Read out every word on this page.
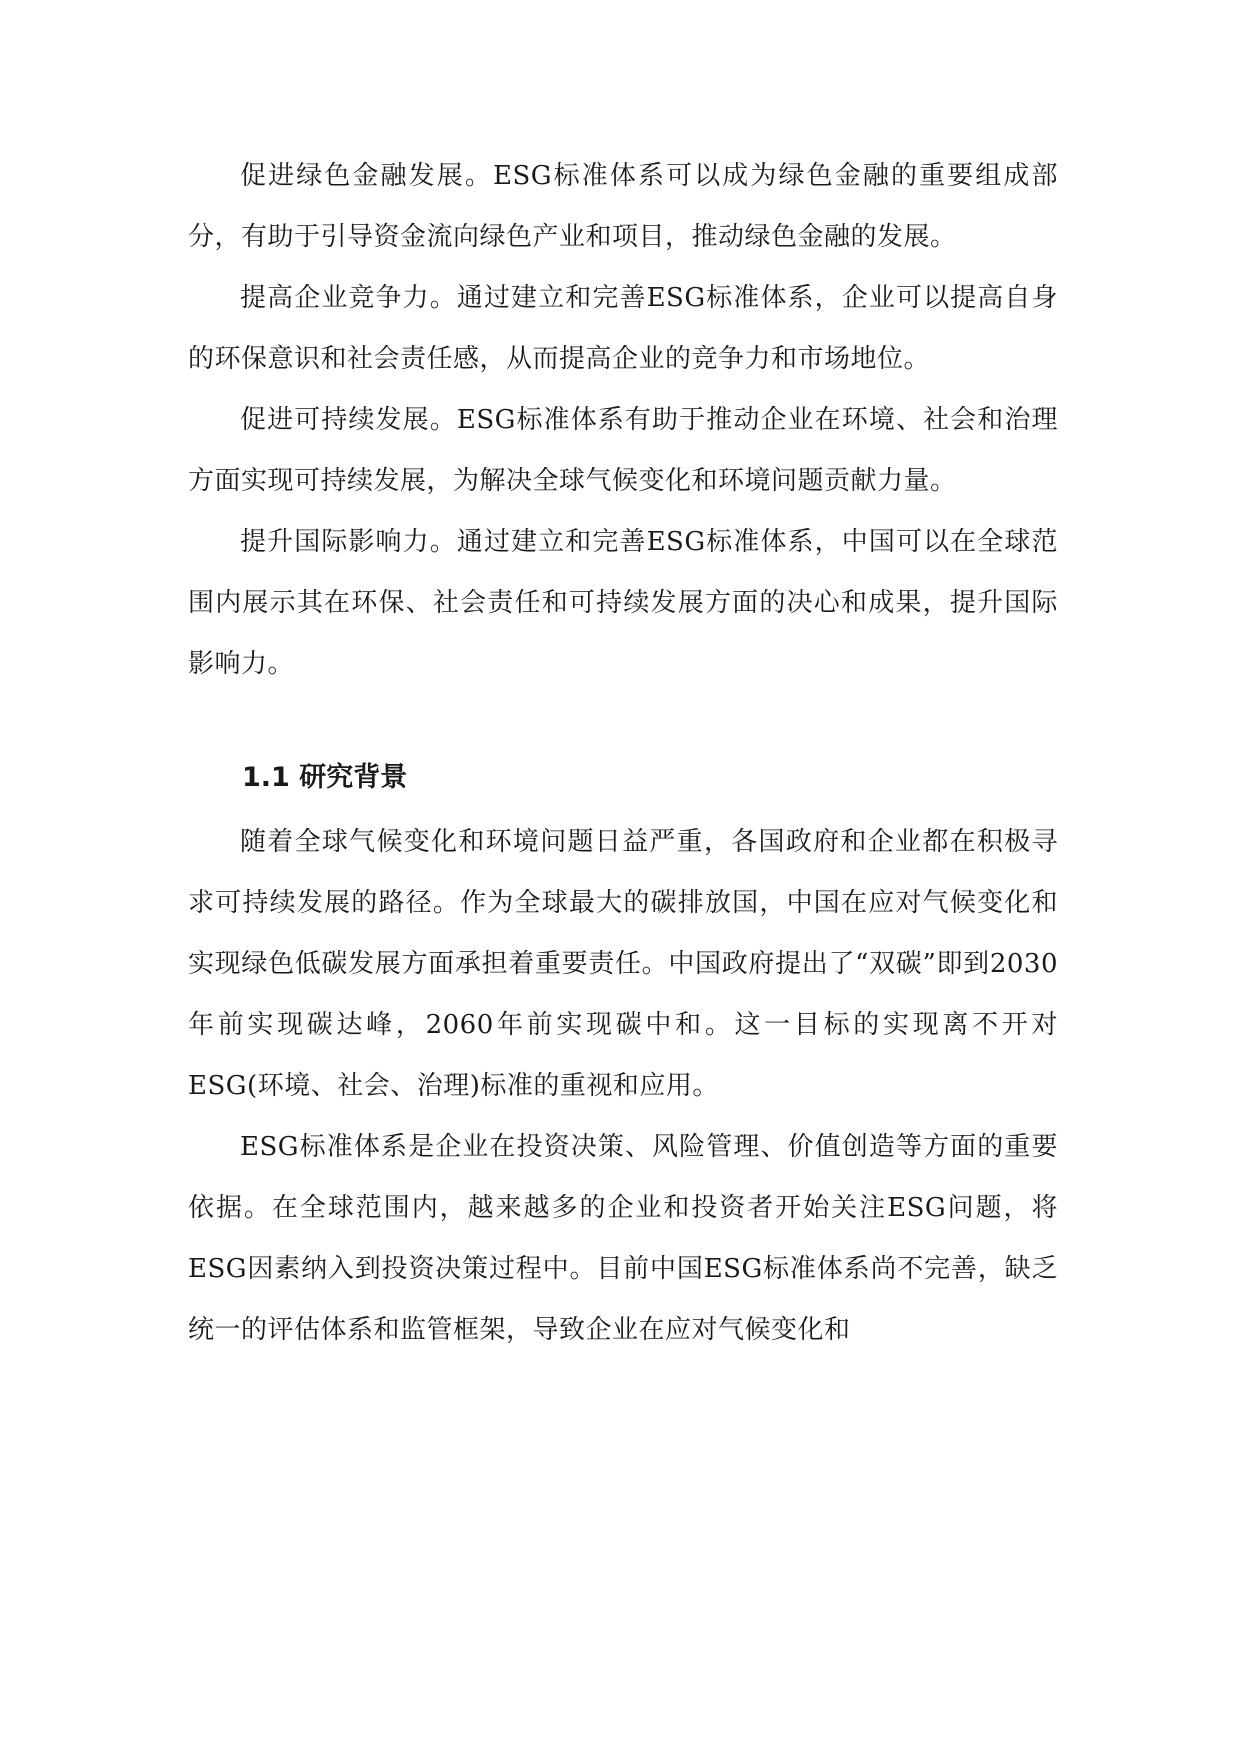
促进绿色金融发展。ESG标准体系可以成为绿色金融的重要组成部分，有助于引导资金流向绿色产业和项目，推动绿色金融的发展。

提高企业竞争力。通过建立和完善ESG标准体系，企业可以提高自身的环保意识和社会责任感，从而提高企业的竞争力和市场地位。

促进可持续发展。ESG标准体系有助于推动企业在环境、社会和治理方面实现可持续发展，为解决全球气候变化和环境问题贡献力量。

提升国际影响力。通过建立和完善ESG标准体系，中国可以在全球范围内展示其在环保、社会责任和可持续发展方面的决心和成果，提升国际影响力。

1.1 研究背景

随着全球气候变化和环境问题日益严重，各国政府和企业都在积极寻求可持续发展的路径。作为全球最大的碳排放国，中国在应对气候变化和实现绿色低碳发展方面承担着重要责任。中国政府提出了“双碳”即到2030年前实现碳达峰，2060年前实现碳中和。这一目标的实现离不开对ESG(环境、社会、治理)标准的重视和应用。

ESG标准体系是企业在投资决策、风险管理、价值创造等方面的重要依据。在全球范围内，越来越多的企业和投资者开始关注ESG问题，将ESG因素纳入到投资决策过程中。目前中国ESG标准体系尚不完善，缺乏统一的评估体系和监管框架，导致企业在应对气候变化和
